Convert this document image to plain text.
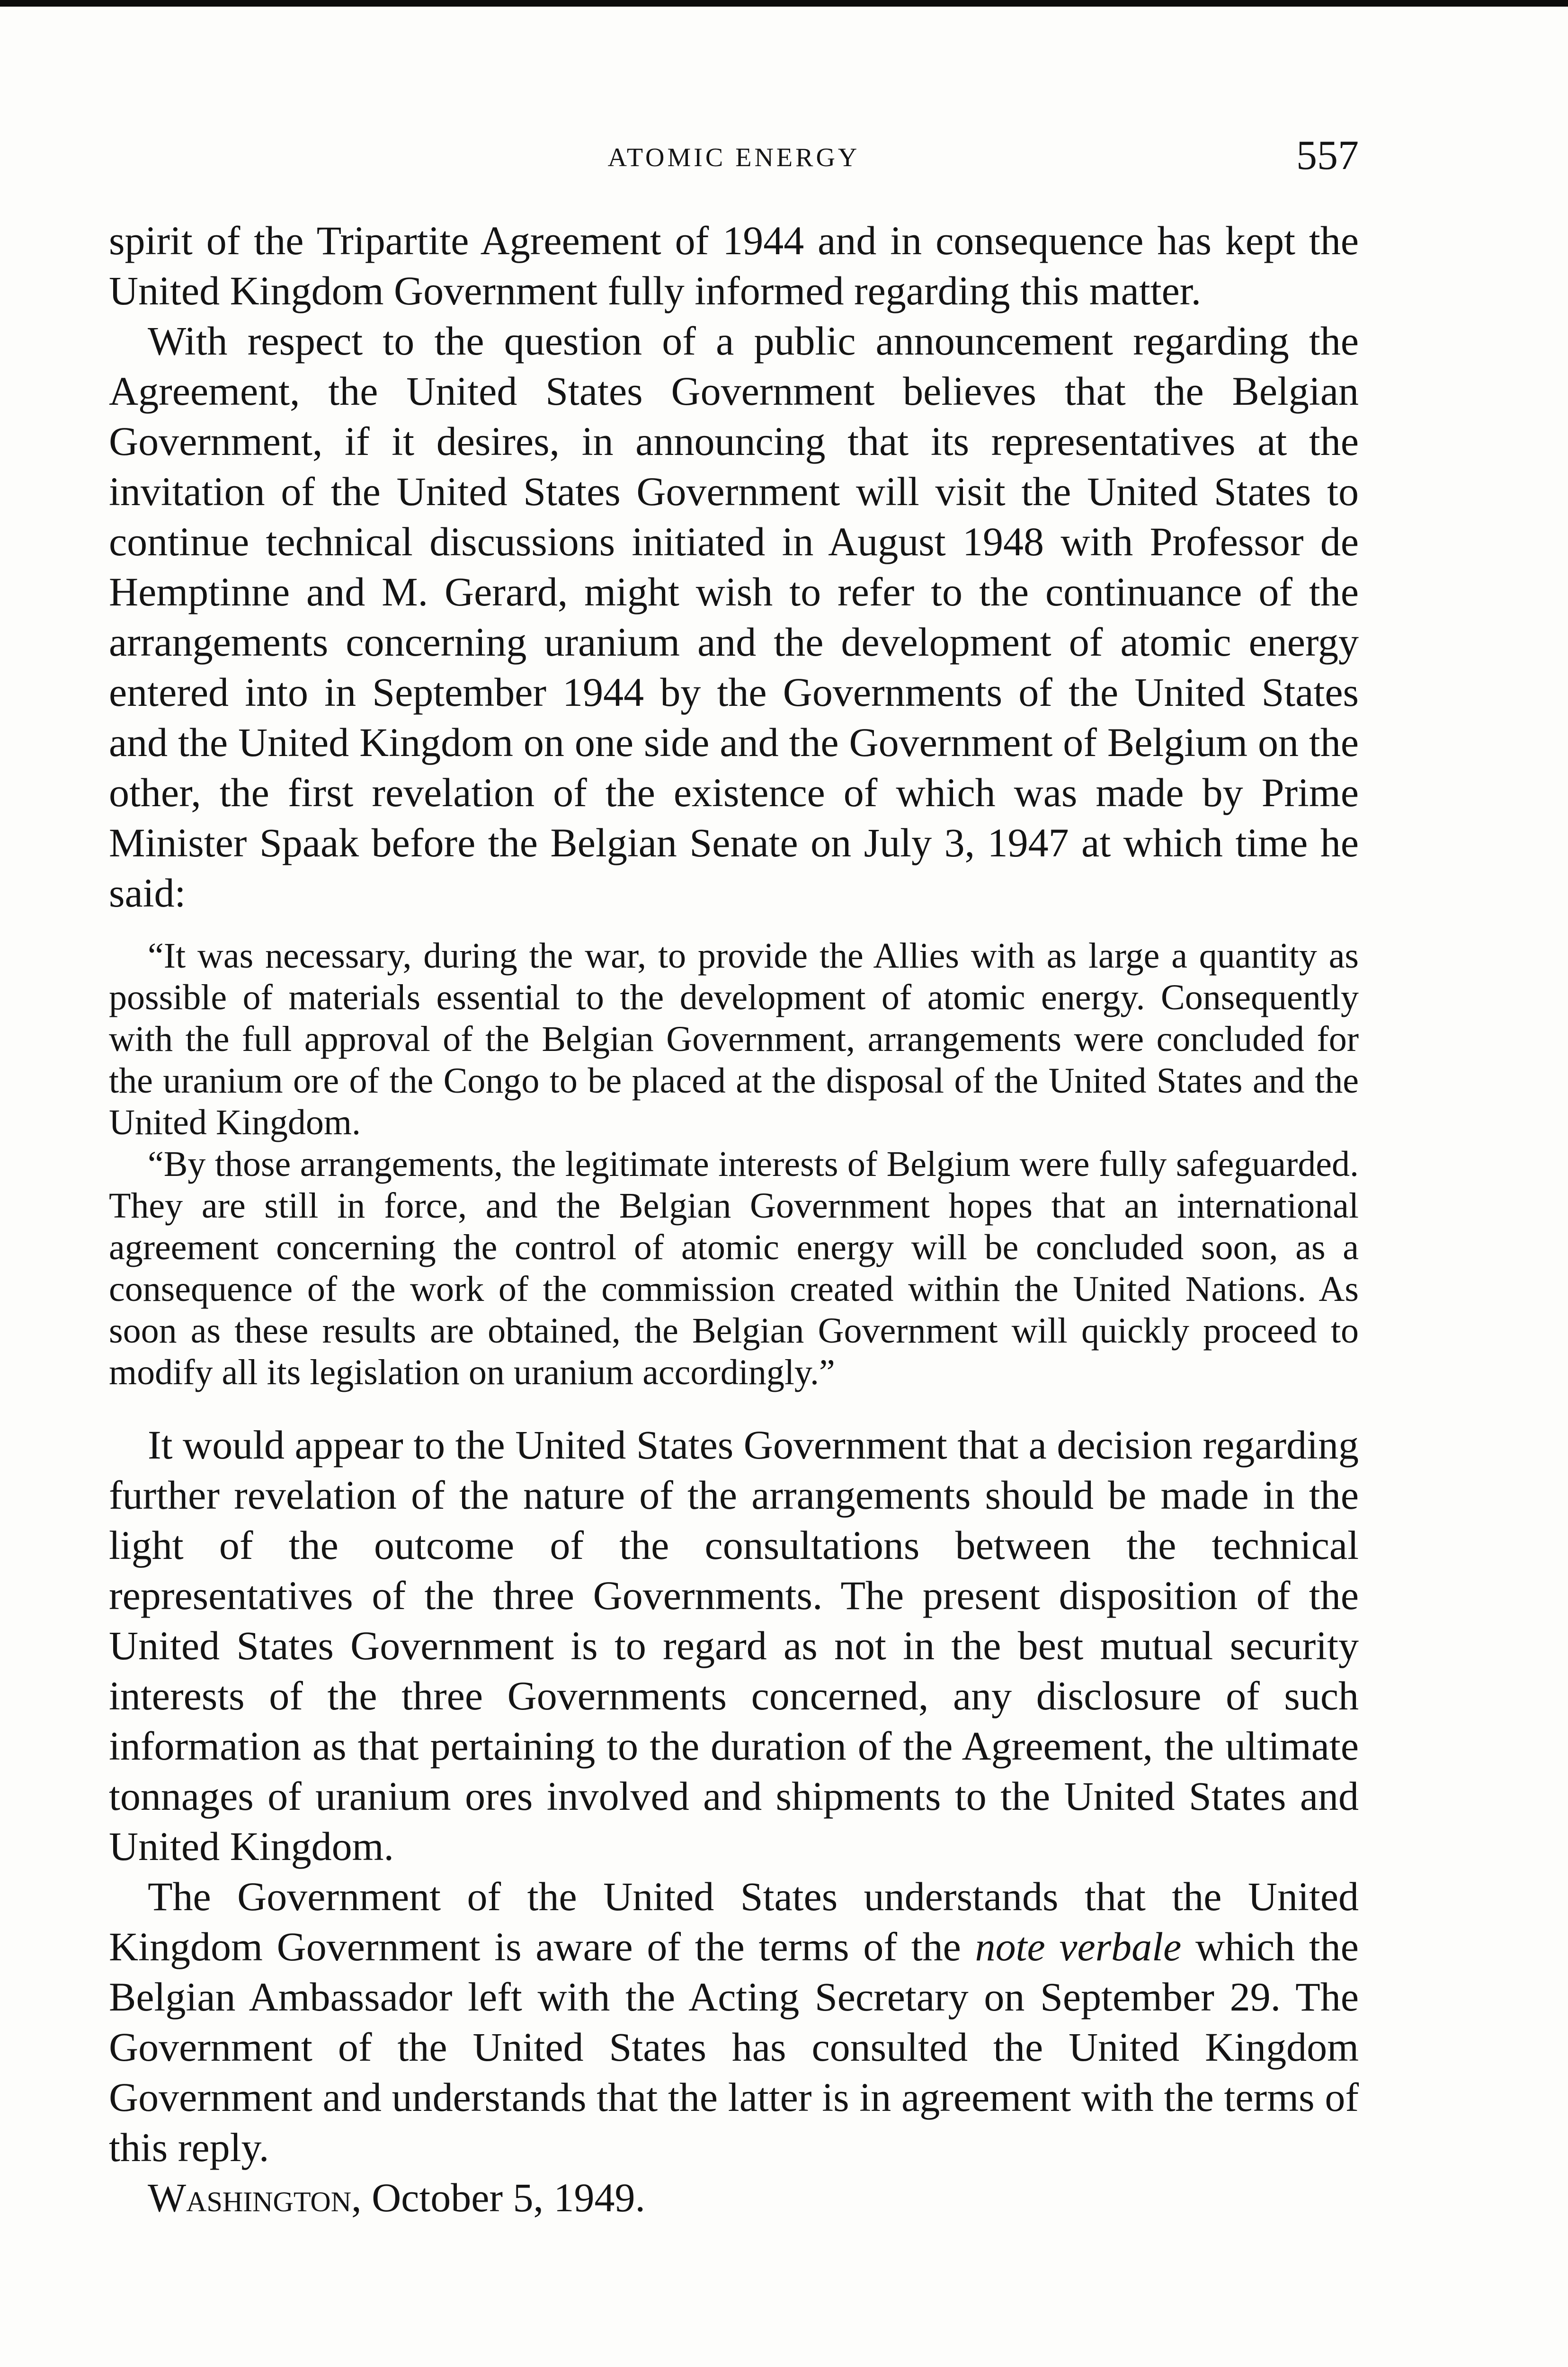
ATOMIC ENERGY	557

spirit of the Tripartite Agreement of 1944 and in consequence has kept the United Kingdom Government fully informed regarding this matter.

With respect to the question of a public announcement regarding the Agreement, the United States Government believes that the Belgian Government, if it desires, in announcing that its representatives at the invitation of the United States Government will visit the United States to continue technical discussions initiated in August 1948 with Professor de Hemptinne and M. Gerard, might wish to refer to the continuance of the arrangements concerning uranium and the development of atomic energy entered into in September 1944 by the Governments of the United States and the United Kingdom on one side and the Government of Belgium on the other, the first revelation of the existence of which was made by Prime Minister Spaak before the Belgian Senate on July 3, 1947 at which time he said:

“It was necessary, during the war, to provide the Allies with as large a quantity as possible of materials essential to the development of atomic energy. Consequently with the full approval of the Belgian Government, arrangements were concluded for the uranium ore of the Congo to be placed at the disposal of the United States and the United Kingdom.

“By those arrangements, the legitimate interests of Belgium were fully safeguarded. They are still in force, and the Belgian Government hopes that an international agreement concerning the control of atomic energy will be concluded soon, as a consequence of the work of the commission created within the United Nations. As soon as these results are obtained, the Belgian Government will quickly proceed to modify all its legislation on uranium accordingly.”

It would appear to the United States Government that a decision regarding further revelation of the nature of the arrangements should be made in the light of the outcome of the consultations between the technical representatives of the three Governments. The present disposition of the United States Government is to regard as not in the best mutual security interests of the three Governments concerned, any disclosure of such information as that pertaining to the duration of the Agreement, the ultimate tonnages of uranium ores involved and shipments to the United States and United Kingdom.

The Government of the United States understands that the United Kingdom Government is aware of the terms of the note verbale which the Belgian Ambassador left with the Acting Secretary on September 29. The Government of the United States has consulted the United Kingdom Government and understands that the latter is in agreement with the terms of this reply.

Washington, October 5, 1949.
